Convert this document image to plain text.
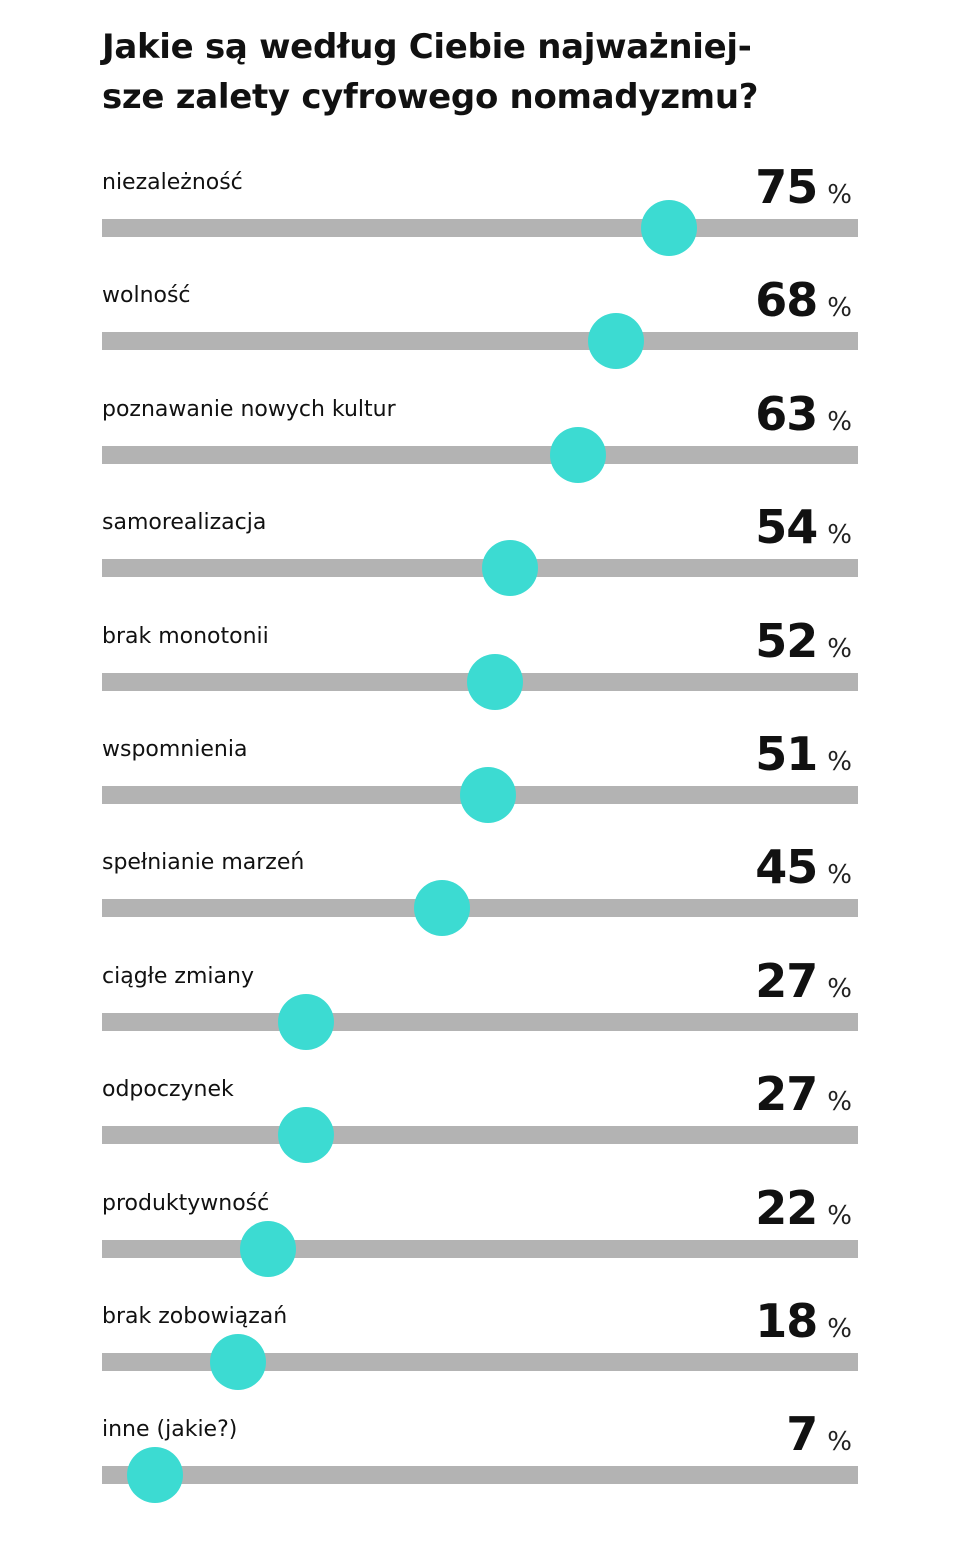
Jakie są według Ciebie najważniej-
sze zalety cyfrowego nomadyzmu?
niezależność	75 %
wolność	68 %
poznawanie nowych kultur	63 %
samorealizacja	54 %
brak monotonii	52 %
wspomnienia	51 %
spełnianie marzeń	45 %
ciągłe zmiany	27 %
odpoczynek	27 %
produktywność	22 %
brak zobowiązań	18 %
inne (jakie?)	7 %
